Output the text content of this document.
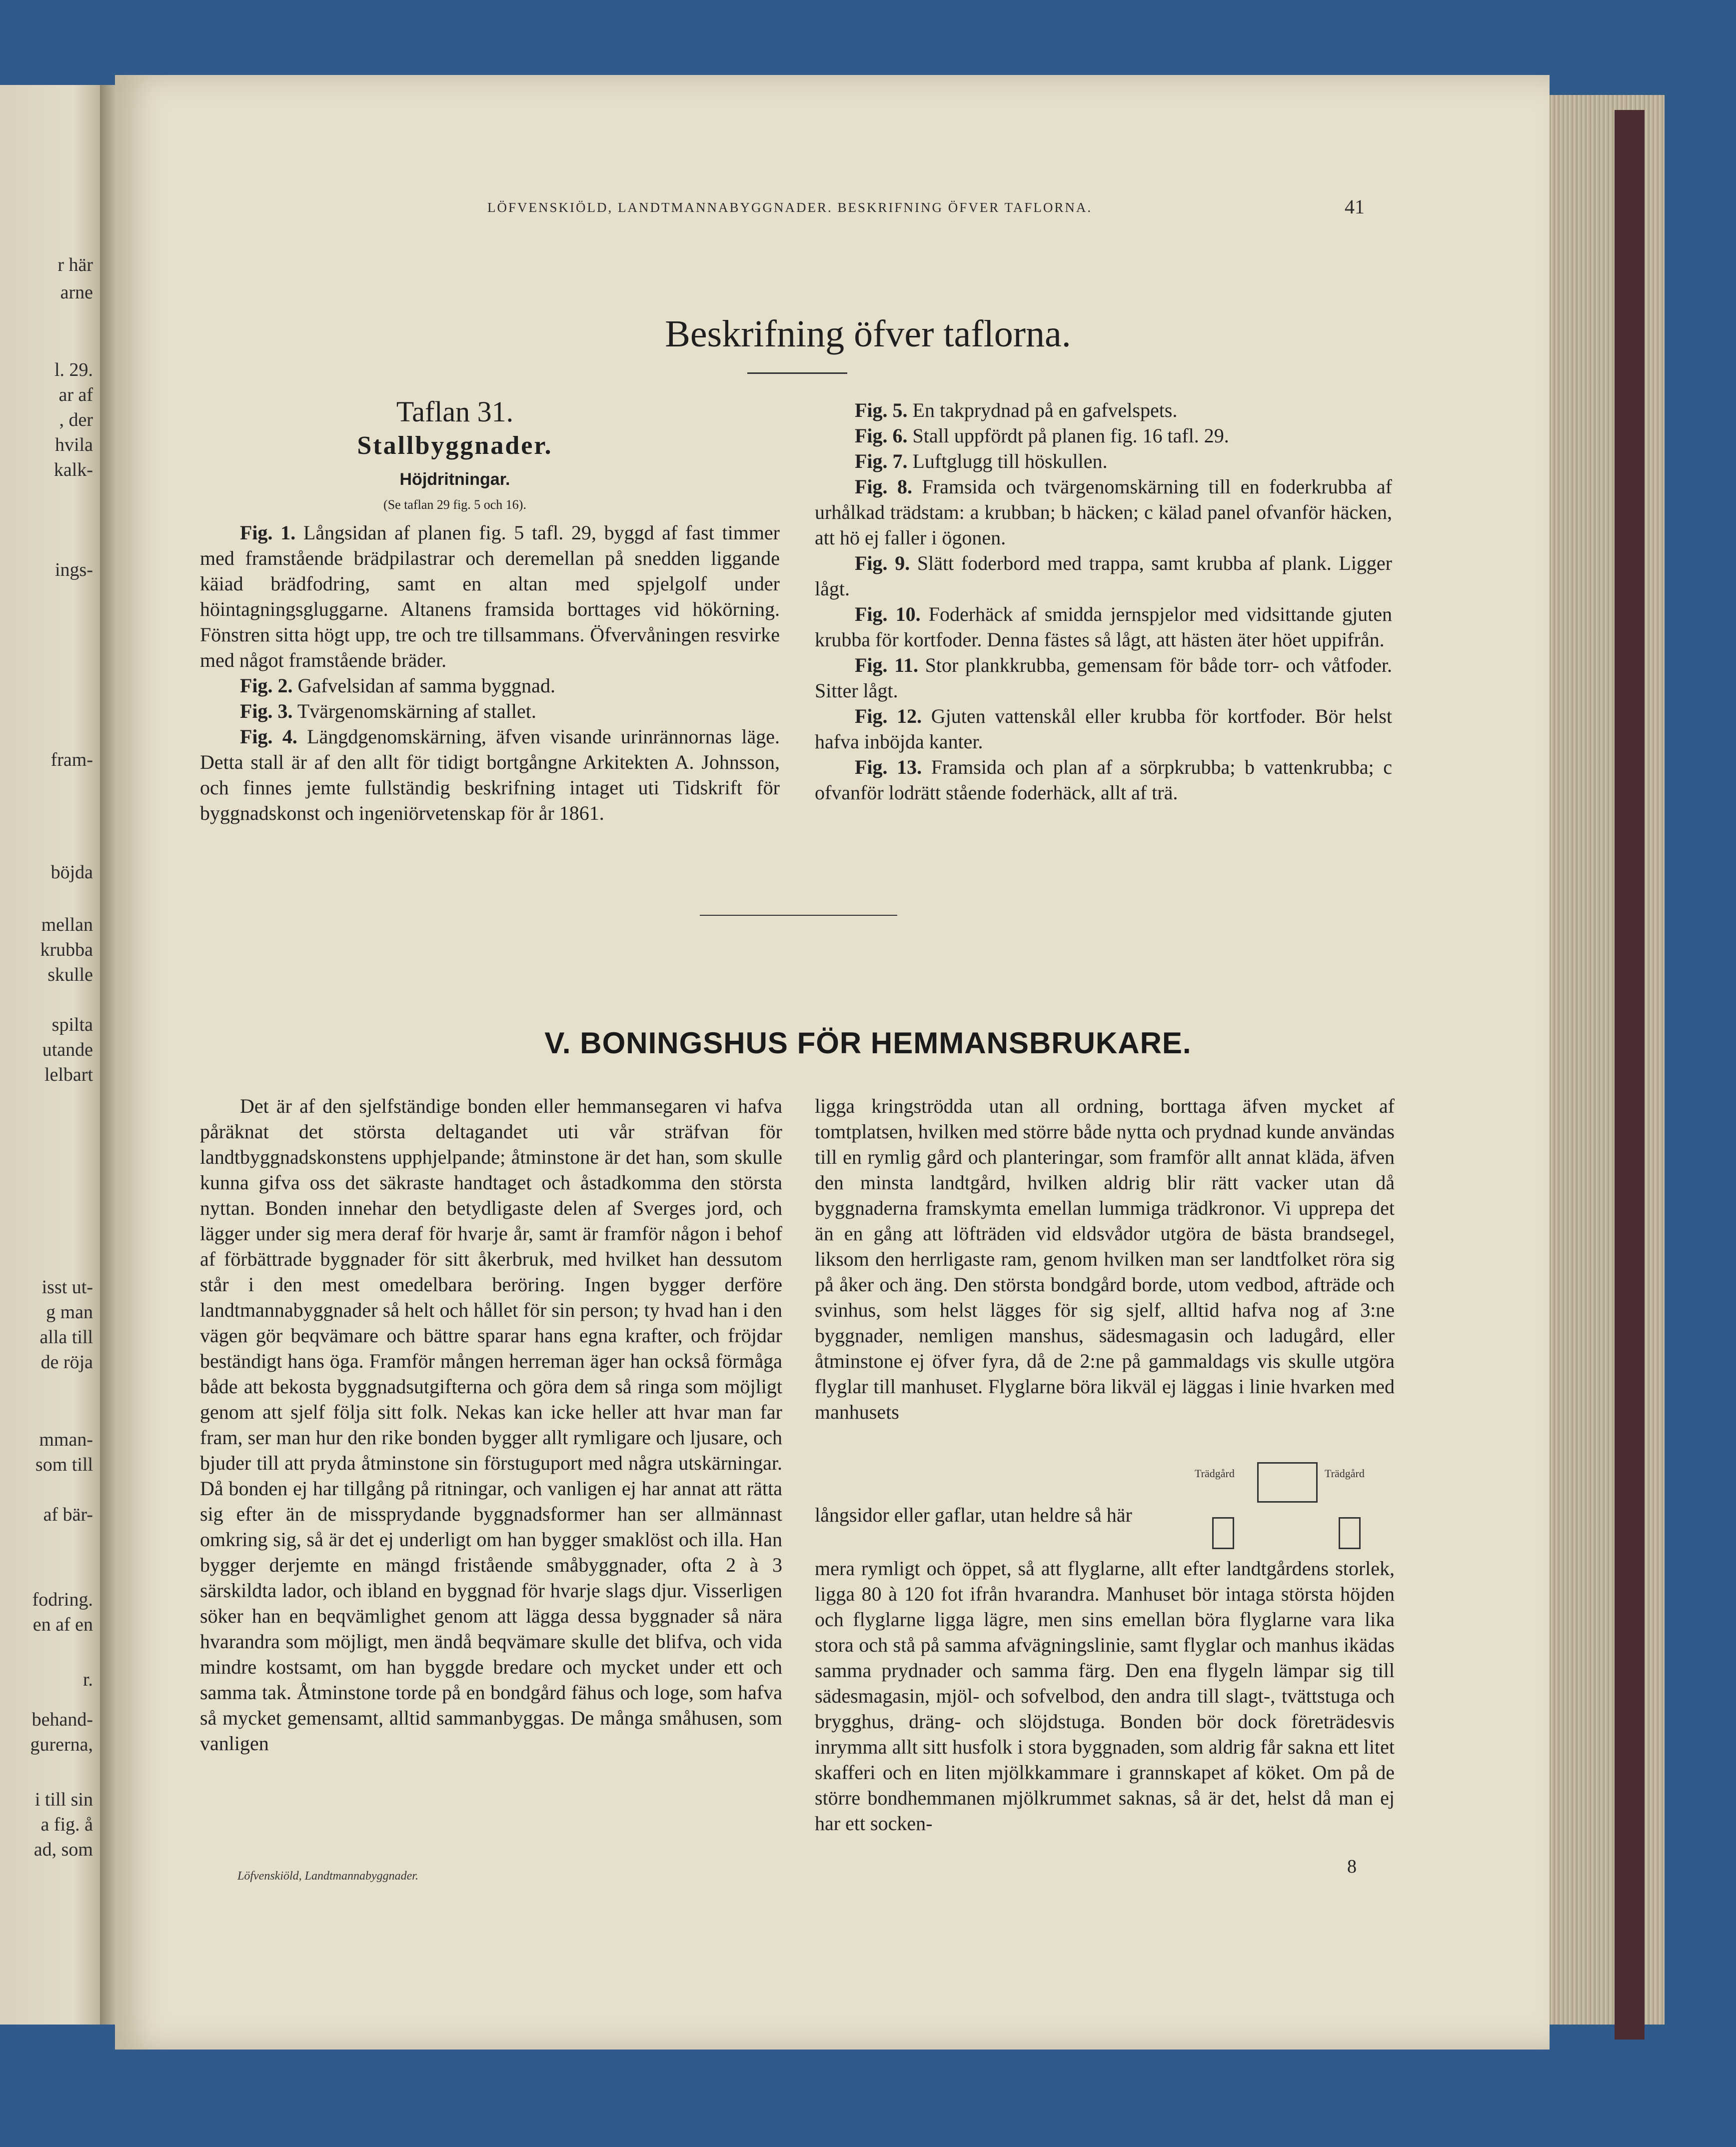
r här
arne
l. 29.
ar af
, der
hvila
kalk-
ings-
fram-
böjda
mellan
krubba
skulle
spilta
utande
lelbart
isst ut-
g man
alla till
de röja
mman-
som till
af bär-
fodring.
en af en
r.
behand-
gurerna,
i till sin
a fig. å
ad, som
LÖFVENSKIÖLD, LANDTMANNABYGGNADER. BESKRIFNING ÖFVER TAFLORNA.	41
Beskrifning öfver taflorna.
Taflan 31.
Stallbyggnader.
Höjdritningar.
(Se taflan 29 fig. 5 och 16).

Fig. 1. Långsidan af planen fig. 5 tafl. 29, byggd af fast timmer med framstående brädpilastrar och deremellan på snedden liggande käiad brädfodring, samt en altan med spjelgolf under höintagningsgluggarne. Altanens framsida borttages vid hökörning. Fönstren sitta högt upp, tre och tre tillsammans. Öfvervåningen resvirke med något framstående bräder.

Fig. 2. Gafvelsidan af samma byggnad.

Fig. 3. Tvärgenomskärning af stallet.

Fig. 4. Längdgenomskärning, äfven visande urinrännornas läge. Detta stall är af den allt för tidigt bortgångne Arkitekten A. Johnsson, och finnes jemte fullständig beskrifning intaget uti Tidskrift för byggnadskonst och ingeniörvetenskap för år 1861.

Fig. 5. En takprydnad på en gafvelspets.

Fig. 6. Stall uppfördt på planen fig. 16 tafl. 29.

Fig. 7. Luftglugg till höskullen.

Fig. 8. Framsida och tvärgenomskärning till en foderkrubba af urhålkad trädstam: a krubban; b häcken; c kälad panel ofvanför häcken, att hö ej faller i ögonen.

Fig. 9. Slätt foderbord med trappa, samt krubba af plank. Ligger lågt.

Fig. 10. Foderhäck af smidda jernspjelor med vidsittande gjuten krubba för kortfoder. Denna fästes så lågt, att hästen äter höet uppifrån.

Fig. 11. Stor plankkrubba, gemensam för både torr- och våtfoder. Sitter lågt.

Fig. 12. Gjuten vattenskål eller krubba för kortfoder. Bör helst hafva inböjda kanter.

Fig. 13. Framsida och plan af a sörpkrubba; b vattenkrubba; c ofvanför lodrätt stående foderhäck, allt af trä.

V. BONINGSHUS FÖR HEMMANSBRUKARE.
Det är af den sjelfständige bonden eller hemmansegaren vi hafva påräknat det största deltagandet uti vår sträfvan för landtbyggnadskonstens upphjelpande; åtminstone är det han, som skulle kunna gifva oss det säkraste handtaget och åstadkomma den största nyttan. Bonden innehar den betydligaste delen af Sverges jord, och lägger under sig mera deraf för hvarje år, samt är framför någon i behof af förbättrade byggnader för sitt åkerbruk, med hvilket han dessutom står i den mest omedelbara beröring. Ingen bygger derföre landtmannabyggnader så helt och hållet för sin person; ty hvad han i den vägen gör beqvämare och bättre sparar hans egna krafter, och fröjdar beständigt hans öga. Framför mången herreman äger han också förmåga både att bekosta byggnadsutgifterna och göra dem så ringa som möjligt genom att sjelf följa sitt folk. Nekas kan icke heller att hvar man far fram, ser man hur den rike bonden bygger allt rymligare och ljusare, och bjuder till att pryda åtminstone sin förstuguport med några utskärningar. Då bonden ej har tillgång på ritningar, och vanligen ej har annat att rätta sig efter än de missprydande byggnadsformer han ser allmännast omkring sig, så är det ej underligt om han bygger smaklöst och illa. Han bygger derjemte en mängd fristående småbyggnader, ofta 2 à 3 särskildta lador, och ibland en byggnad för hvarje slags djur. Visserligen söker han en beqvämlighet genom att lägga dessa byggnader så nära hvarandra som möjligt, men ändå beqvämare skulle det blifva, och vida mindre kostsamt, om han byggde bredare och mycket under ett och samma tak. Åtminstone torde på en bondgård fähus och loge, som hafva så mycket gemensamt, alltid sammanbyggas. De många småhusen, som vanligen
ligga kringströdda utan all ordning, borttaga äfven mycket af tomtplatsen, hvilken med större både nytta och prydnad kunde användas till en rymlig gård och planteringar, som framför allt annat kläda, äfven den minsta landtgård, hvilken aldrig blir rätt vacker utan då byggnaderna framskymta emellan lummiga trädkronor. Vi upprepa det än en gång att löfträden vid eldsvådor utgöra de bästa brandsegel, liksom den herrligaste ram, genom hvilken man ser landtfolket röra sig på åker och äng. Den största bondgård borde, utom vedbod, afträde och svinhus, som helst lägges för sig sjelf, alltid hafva nog af 3:ne byggnader, nemligen manshus, sädesmagasin och ladugård, eller åtminstone ej öfver fyra, då de 2:ne på gammaldags vis skulle utgöra flyglar till manhuset. Flyglarne böra likväl ej läggas i linie hvarken med manhusets
Trädgård	Trädgård
långsidor eller gaflar, utan heldre så här
mera rymligt och öppet, så att flyglarne, allt efter landtgårdens storlek, ligga 80 à 120 fot ifrån hvarandra. Manhuset bör intaga största höjden och flyglarne ligga lägre, men sins emellan böra flyglarne vara lika stora och stå på samma afvägningslinie, samt flyglar och manhus ikädas samma prydnader och samma färg. Den ena flygeln lämpar sig till sädesmagasin, mjöl- och sofvelbod, den andra till slagt-, tvättstuga och brygghus, dräng- och slöjdstuga. Bonden bör dock företrädesvis inrymma allt sitt husfolk i stora byggnaden, som aldrig får sakna ett litet skafferi och en liten mjölkkammare i grannskapet af köket. Om på de större bondhemmanen mjölkrummet saknas, så är det, helst då man ej har ett socken-
Löfvenskiöld, Landtmannabyggnader.	8
